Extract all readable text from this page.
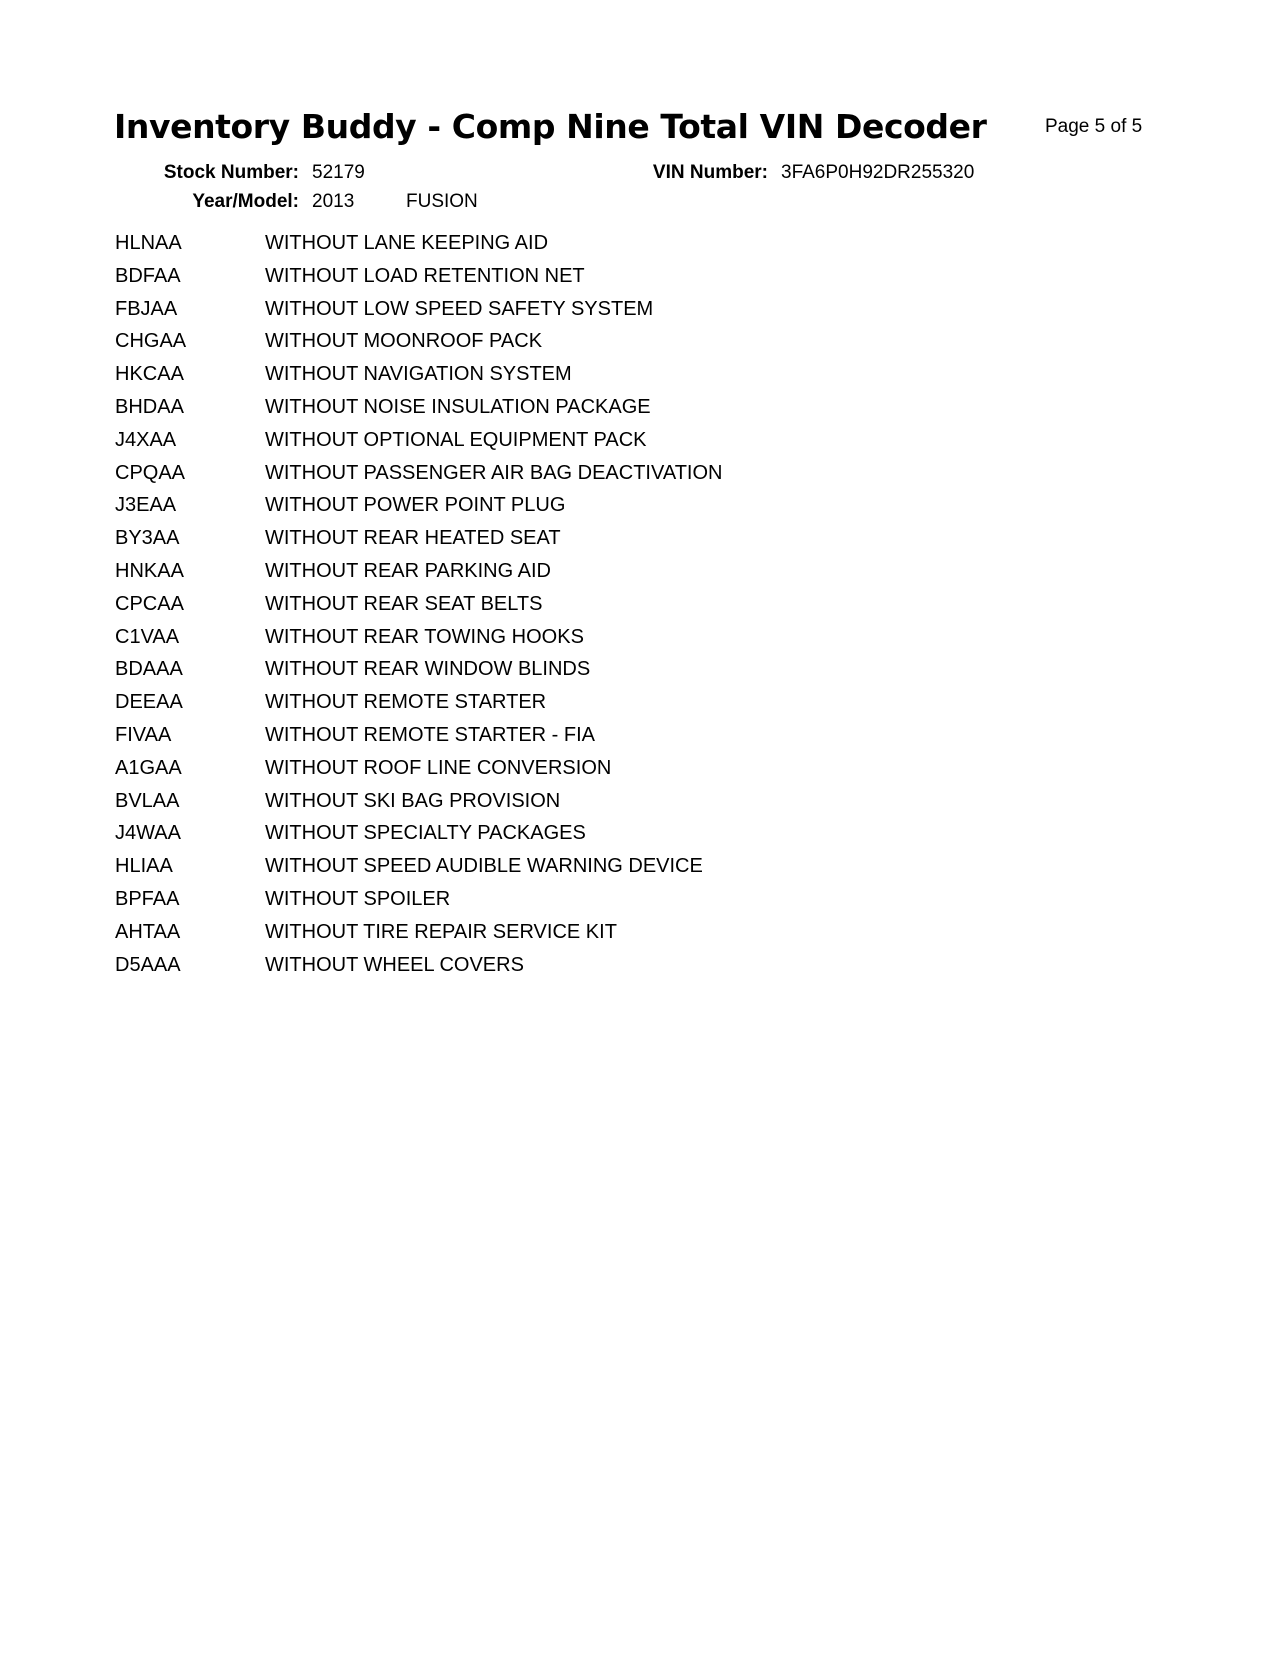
Inventory Buddy - Comp Nine Total VIN Decoder	Page 5 of 5
Stock Number: 52179	VIN Number: 3FA6P0H92DR255320
Year/Model: 2013	FUSION
HLNAA	WITHOUT LANE KEEPING AID
BDFAA	WITHOUT LOAD RETENTION NET
FBJAA	WITHOUT LOW SPEED SAFETY SYSTEM
CHGAA	WITHOUT MOONROOF PACK
HKCAA	WITHOUT NAVIGATION SYSTEM
BHDAA	WITHOUT NOISE INSULATION PACKAGE
J4XAA	WITHOUT OPTIONAL EQUIPMENT PACK
CPQAA	WITHOUT PASSENGER AIR BAG DEACTIVATION
J3EAA	WITHOUT POWER POINT PLUG
BY3AA	WITHOUT REAR HEATED SEAT
HNKAA	WITHOUT REAR PARKING AID
CPCAA	WITHOUT REAR SEAT BELTS
C1VAA	WITHOUT REAR TOWING HOOKS
BDAAA	WITHOUT REAR WINDOW BLINDS
DEEAA	WITHOUT REMOTE STARTER
FIVAA	WITHOUT REMOTE STARTER - FIA
A1GAA	WITHOUT ROOF LINE CONVERSION
BVLAA	WITHOUT SKI BAG PROVISION
J4WAA	WITHOUT SPECIALTY PACKAGES
HLIAA	WITHOUT SPEED AUDIBLE WARNING DEVICE
BPFAA	WITHOUT SPOILER
AHTAA	WITHOUT TIRE REPAIR SERVICE KIT
D5AAA	WITHOUT WHEEL COVERS
